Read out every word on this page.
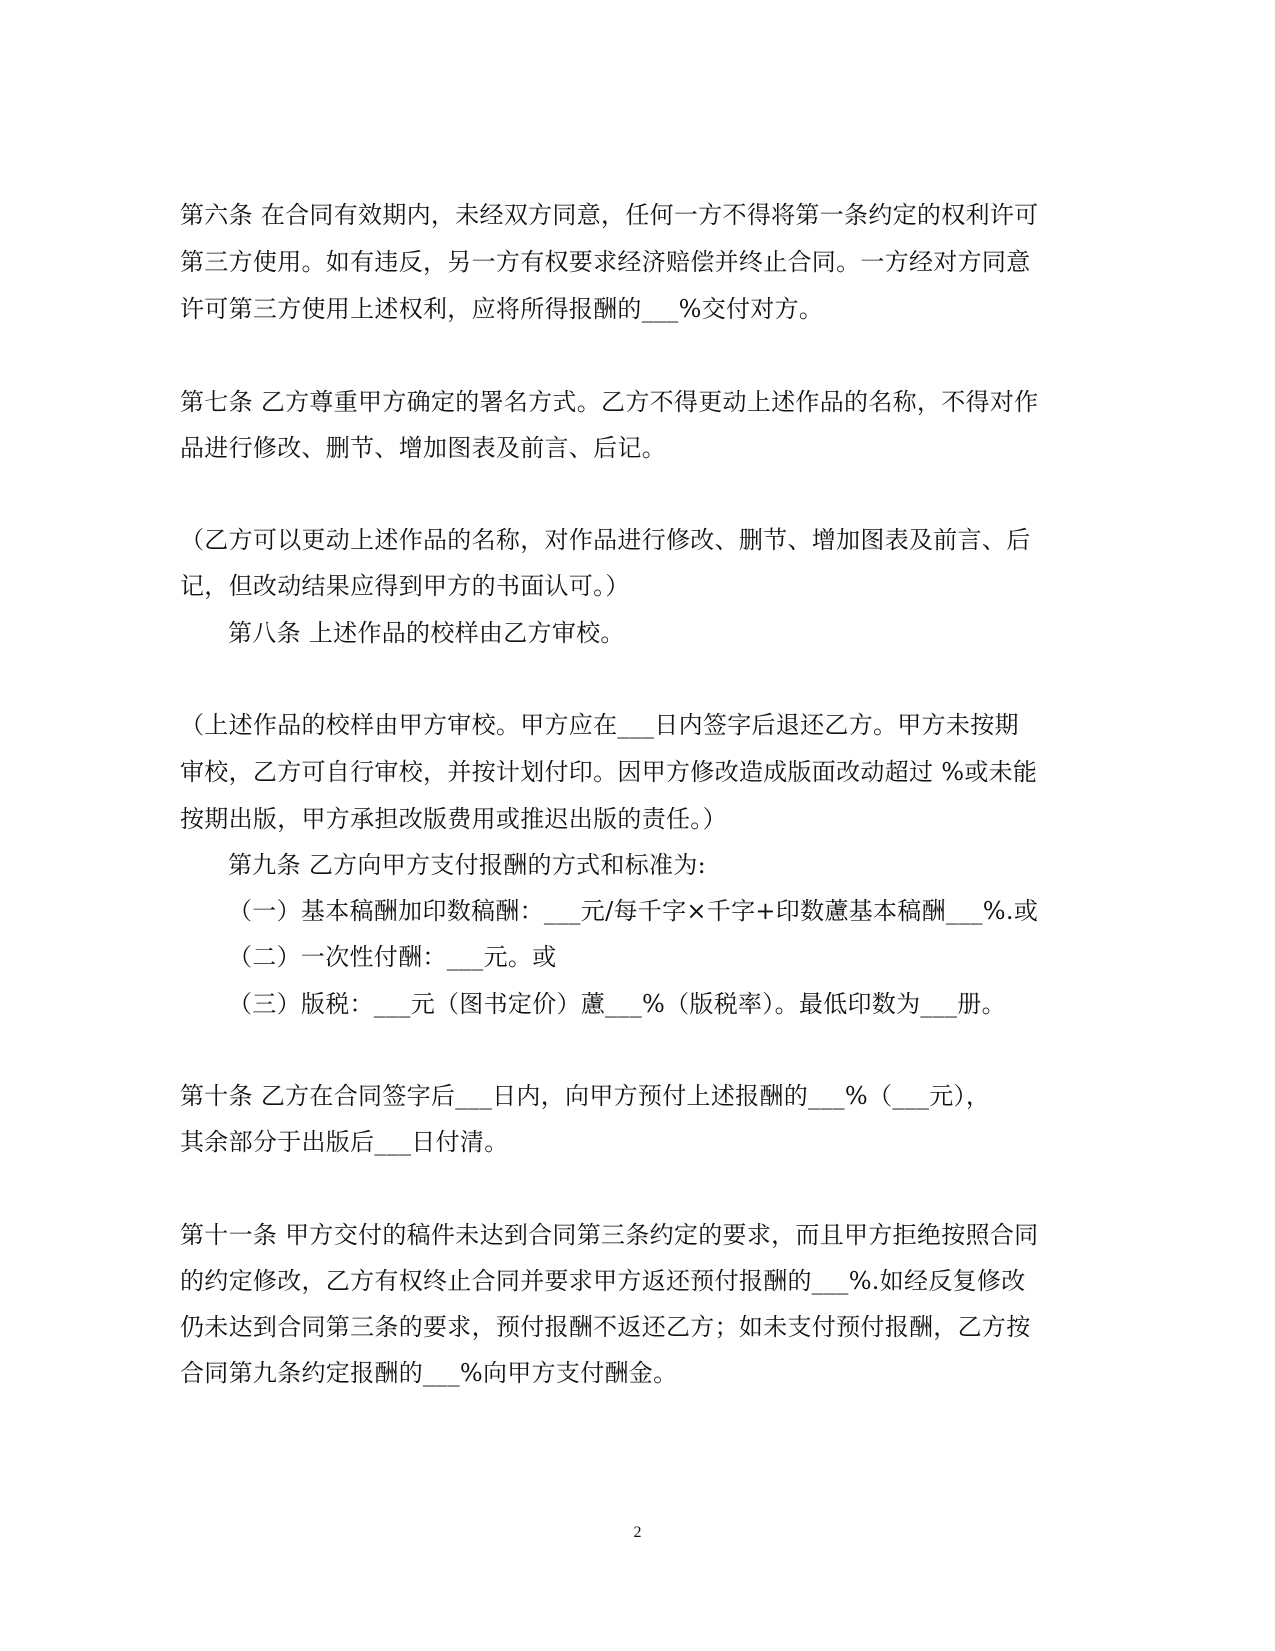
第六条 在合同有效期内，未经双方同意，任何一方不得将第一条约定的权利许可
第三方使用。如有违反，另一方有权要求经济赔偿并终止合同。一方经对方同意
许可第三方使用上述权利，应将所得报酬的___%交付对方。
第七条 乙方尊重甲方确定的署名方式。乙方不得更动上述作品的名称，不得对作
品进行修改、删节、增加图表及前言、后记。
（乙方可以更动上述作品的名称，对作品进行修改、删节、增加图表及前言、后
记，但改动结果应得到甲方的书面认可。）
第八条 上述作品的校样由乙方审校。
（上述作品的校样由甲方审校。甲方应在___日内签字后退还乙方。甲方未按期
审校，乙方可自行审校，并按计划付印。因甲方修改造成版面改动超过 %或未能
按期出版，甲方承担改版费用或推迟出版的责任。）
第九条 乙方向甲方支付报酬的方式和标准为:
（一）基本稿酬加印数稿酬：___元/每千字×千字+印数藘基本稿酬___%.或
（二）一次性付酬：___元。或
（三）版税：___元（图书定价）藘___%（版税率）。最低印数为___册。
第十条 乙方在合同签字后___日内，向甲方预付上述报酬的___%（___元），
其余部分于出版后___日付清。
第十一条 甲方交付的稿件未达到合同第三条约定的要求，而且甲方拒绝按照合同
的约定修改，乙方有权终止合同并要求甲方返还预付报酬的___%.如经反复修改
仍未达到合同第三条的要求，预付报酬不返还乙方；如未支付预付报酬，乙方按
合同第九条约定报酬的___%向甲方支付酬金。
2
